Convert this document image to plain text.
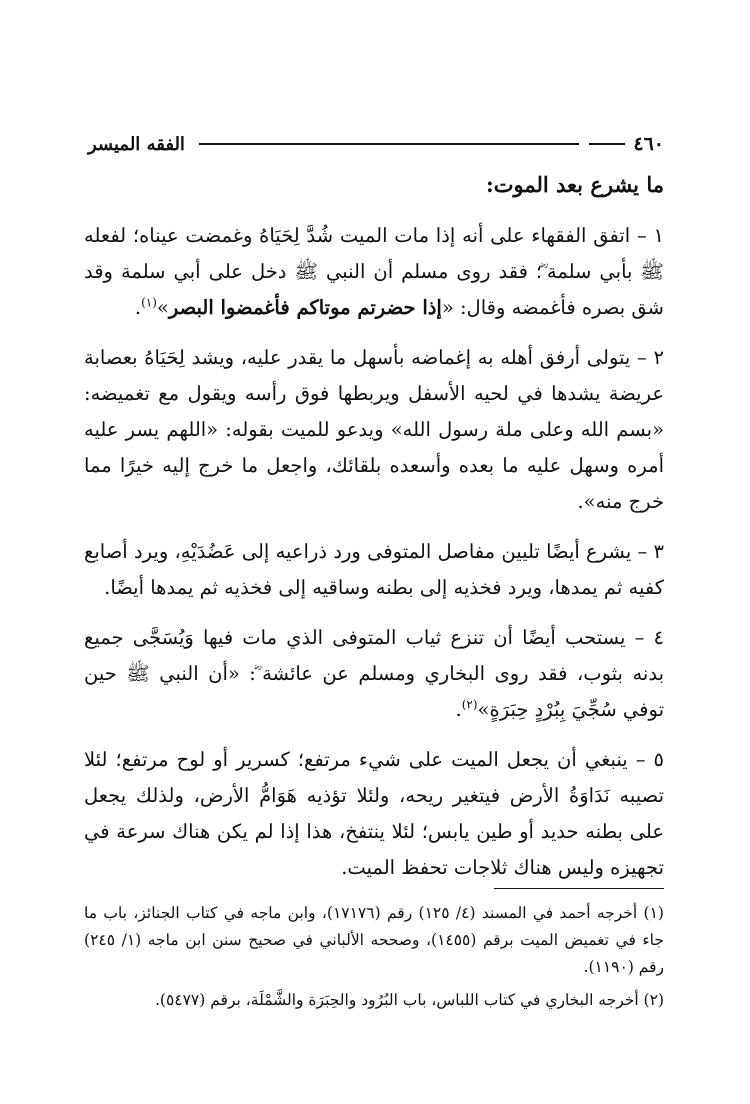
٤٦٠
الفقه الميسر
ما يشرع بعد الموت:

١ – اتفق الفقهاء على أنه إذا مات الميت شُدَّ لِحَيَاهُ وغمضت عيناه؛ لفعله ﷺ بأبي سلمة ؓ؛ فقد روى مسلم أن النبي ﷺ دخل على أبي سلمة وقد شق بصره فأغمضه وقال: «إذا حضرتم موتاكم فأغمضوا البصر»$^{(١)}$.

٢ – يتولى أرفق أهله به إغماضه بأسهل ما يقدر عليه، ويشد لِحَيَاهُ بعصابة عريضة يشدها في لحيه الأسفل ويربطها فوق رأسه ويقول مع تغميضه: «بسم الله وعلى ملة رسول الله» ويدعو للميت بقوله: «اللهم يسر عليه أمره وسهل عليه ما بعده وأسعده بلقائك، واجعل ما خرج إليه خيرًا مما خرج منه».

٣ – يشرع أيضًا تليين مفاصل المتوفى ورد ذراعيه إلى عَضُدَيْهِ، ويرد أصابع كفيه ثم يمدها، ويرد فخذيه إلى بطنه وساقيه إلى فخذيه ثم يمدها أيضًا.

٤ – يستحب أيضًا أن تنزع ثياب المتوفى الذي مات فيها وَيُسَجَّى جميع بدنه بثوب، فقد روى البخاري ومسلم عن عائشة ؓ: «أن النبي ﷺ حين توفي سُجِّيَ بِبُرْدٍ حِبَرَةٍ»$^{(٢)}$.

٥ – ينبغي أن يجعل الميت على شيء مرتفع؛ كسرير أو لوح مرتفع؛ لئلا تصيبه نَدَاوَةُ الأرض فيتغير ريحه، ولئلا تؤذيه هَوَامُّ الأرض، ولذلك يجعل على بطنه حديد أو طين يابس؛ لئلا ينتفخ، هذا إذا لم يكن هناك سرعة في تجهيزه وليس هناك ثلاجات تحفظ الميت.

(١) أخرجه أحمد في المسند (٤/ ١٢٥) رقم (١٧١٧٦)، وابن ماجه في كتاب الجنائز، باب ما جاء في تغميض الميت برقم (١٤٥٥)، وصححه الألباني في صحيح سنن ابن ماجه (١/ ٢٤٥) رقم (١١٩٠).

(٢) أخرجه البخاري في كتاب اللباس، باب البُرُود والحِبَرَة والشَّمْلَة، برقم (٥٤٧٧).
